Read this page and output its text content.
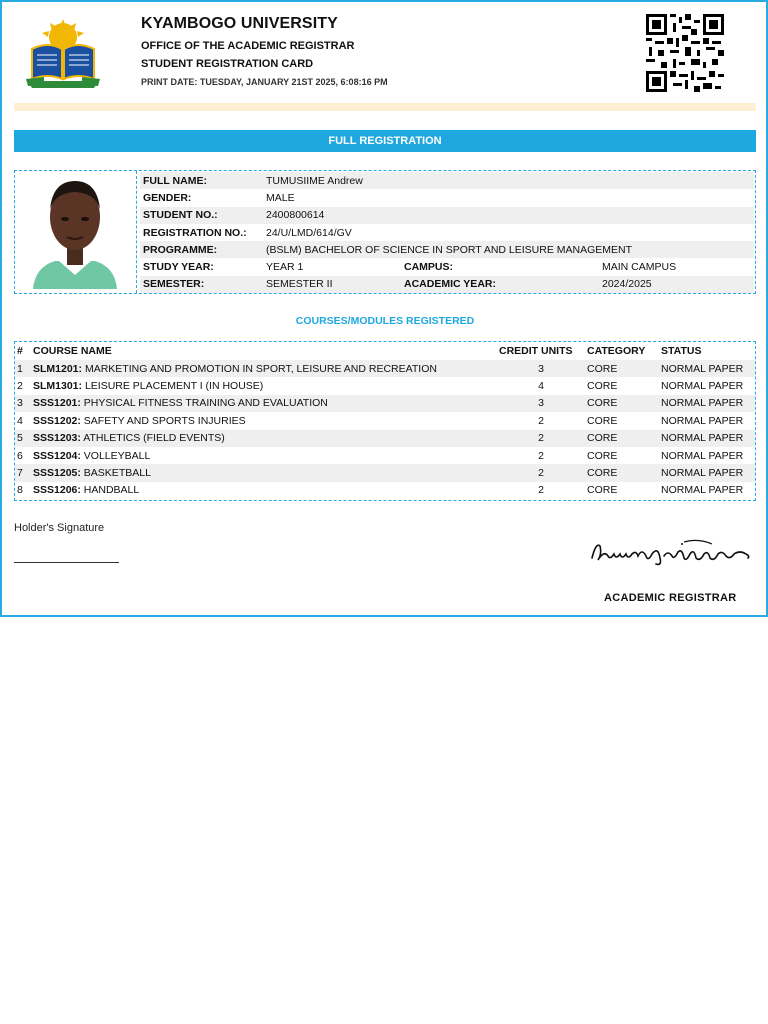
KYAMBOGO UNIVERSITY
OFFICE OF THE ACADEMIC REGISTRAR
STUDENT REGISTRATION CARD
PRINT DATE: TUESDAY, JANUARY 21ST 2025, 6:08:16 PM
FULL REGISTRATION
FULL NAME:	TUMUSIIME Andrew		
GENDER:	MALE		
STUDENT NO.:	2400800614		
REGISTRATION NO.:	24/U/LMD/614/GV		
PROGRAMME:	(BSLM) BACHELOR OF SCIENCE IN SPORT AND LEISURE MANAGEMENT		
STUDY YEAR:	YEAR 1	CAMPUS:	MAIN CAMPUS
SEMESTER:	SEMESTER II	ACADEMIC YEAR:	2024/2025
COURSES/MODULES REGISTERED
#	COURSE NAME	CREDIT UNITS	CATEGORY	STATUS
1	SLM1201: MARKETING AND PROMOTION IN SPORT, LEISURE AND RECREATION	3	CORE	NORMAL PAPER
2	SLM1301: LEISURE PLACEMENT I (IN HOUSE)	4	CORE	NORMAL PAPER
3	SSS1201: PHYSICAL FITNESS TRAINING AND EVALUATION	3	CORE	NORMAL PAPER
4	SSS1202: SAFETY AND SPORTS INJURIES	2	CORE	NORMAL PAPER
5	SSS1203: ATHLETICS (FIELD EVENTS)	2	CORE	NORMAL PAPER
6	SSS1204: VOLLEYBALL	2	CORE	NORMAL PAPER
7	SSS1205: BASKETBALL	2	CORE	NORMAL PAPER
8	SSS1206: HANDBALL	2	CORE	NORMAL PAPER
Holder's Signature
ACADEMIC REGISTRAR
